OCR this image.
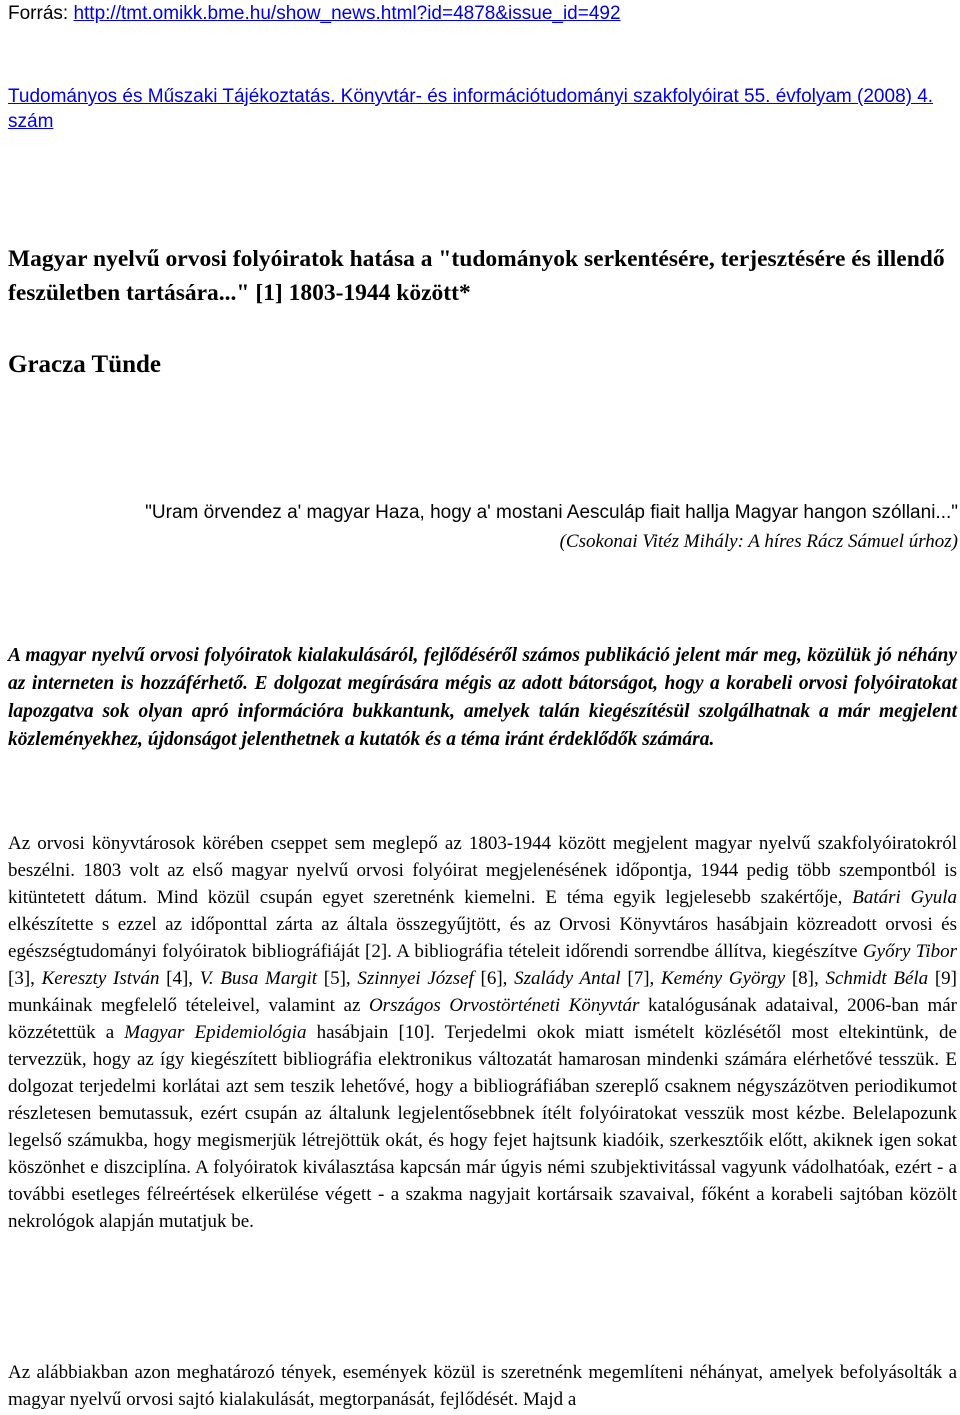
Forrás: http://tmt.omikk.bme.hu/show_news.html?id=4878&issue_id=492
Tudományos és Műszaki Tájékoztatás. Könyvtár- és információtudományi szakfolyóirat 55. évfolyam (2008) 4. szám
Magyar nyelvű orvosi folyóiratok hatása a "tudományok serkentésére, terjesztésére és illendő feszületben tartására..." [1] 1803-1944 között*
Gracza Tünde
"Uram örvendez a' magyar Haza, hogy a' mostani Aesculáp fiait hallja Magyar hangon szóllani..."
(Csokonai Vitéz Mihály: A híres Rácz Sámuel úrhoz)

A magyar nyelvű orvosi folyóiratok kialakulásáról, fejlődéséről számos publikáció jelent már meg, közülük jó néhány az interneten is hozzáférhető. E dolgozat megírására mégis az adott bátorságot, hogy a korabeli orvosi folyóiratokat lapozgatva sok olyan apró információra bukkantunk, amelyek talán kiegészítésül szolgálhatnak a már megjelent közleményekhez, újdonságot jelenthetnek a kutatók és a téma iránt érdeklődők számára.

Az orvosi könyvtárosok körében cseppet sem meglepő az 1803-1944 között megjelent magyar nyelvű szakfolyóiratokról beszélni. 1803 volt az első magyar nyelvű orvosi folyóirat megjelenésének időpontja, 1944 pedig több szempontból is kitüntetett dátum. Mind közül csupán egyet szeretnénk kiemelni. E téma egyik legjelesebb szakértője, Batári Gyula elkészítette s ezzel az időponttal zárta az általa összegyűjtött, és az Orvosi Könyvtáros hasábjain közreadott orvosi és egészségtudományi folyóiratok bibliográfiáját [2]. A bibliográfia tételeit időrendi sorrendbe állítva, kiegészítve Győry Tibor [3], Kereszty István [4], V. Busa Margit [5], Szinnyei József [6], Szalády Antal [7], Kemény György [8], Schmidt Béla [9] munkáinak megfelelő tételeivel, valamint az Országos Orvostörténeti Könyvtár katalógusának adataival, 2006-ban már közzétettük a Magyar Epidemiológia hasábjain [10]. Terjedelmi okok miatt ismételt közlésétől most eltekintünk, de tervezzük, hogy az így kiegészített bibliográfia elektronikus változatát hamarosan mindenki számára elérhetővé tesszük. E dolgozat terjedelmi korlátai azt sem teszik lehetővé, hogy a bibliográfiában szereplő csaknem négyszázötven periodikumot részletesen bemutassuk, ezért csupán az általunk legjelentősebbnek ítélt folyóiratokat vesszük most kézbe. Belelapozunk legelső számukba, hogy megismerjük létrejöttük okát, és hogy fejet hajtsunk kiadóik, szerkesztőik előtt, akiknek igen sokat köszönhet e diszciplína. A folyóiratok kiválasztása kapcsán már úgyis némi szubjektivitással vagyunk vádolhatóak, ezért - a további esetleges félreértések elkerülése végett - a szakma nagyjait kortársaik szavaival, főként a korabeli sajtóban közölt nekrológok alapján mutatjuk be.

Az alábbiakban azon meghatározó tények, események közül is szeretnénk megemlíteni néhányat, amelyek befolyásolták a magyar nyelvű orvosi sajtó kialakulását, megtorpanását, fejlődését. Majd a
